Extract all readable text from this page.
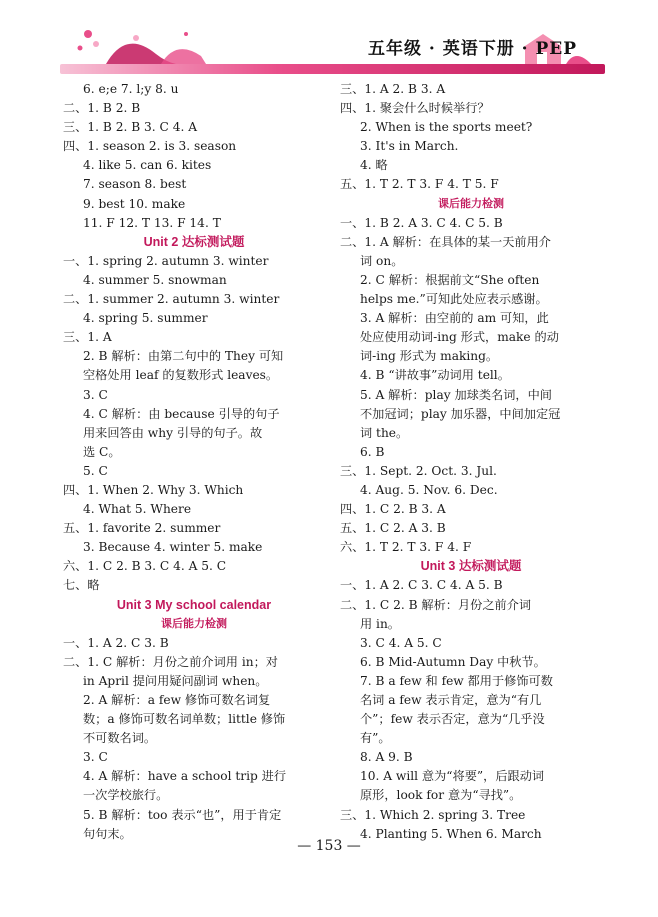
五年级 · 英语下册 · PEP
6. e;e 7. l;y 8. u
二、1. B 2. B
三、1. B 2. B 3. C 4. A
四、1. season 2. is 3. season
4. like 5. can 6. kites
7. season 8. best
9. best 10. make
11. F 12. T 13. F 14. T
Unit 2 达标测试题
一、1. spring 2. autumn 3. winter
4. summer 5. snowman
二、1. summer 2. autumn 3. winter
4. spring 5. summer
三、1. A
2. B 解析：由第二句中的 They 可知
空格处用 leaf 的复数形式 leaves。
3. C
4. C 解析：由 because 引导的句子
用来回答由 why 引导的句子。故
选 C。
5. C
四、1. When 2. Why 3. Which
4. What 5. Where
五、1. favorite 2. summer
3. Because 4. winter 5. make
六、1. C 2. B 3. C 4. A 5. C
七、略
Unit 3 My school calendar
课后能力检测
一、1. A 2. C 3. B
二、1. C 解析：月份之前介词用 in；对
in April 提问用疑问副词 when。
2. A 解析：a few 修饰可数名词复
数；a 修饰可数名词单数；little 修饰
不可数名词。
3. C
4. A 解析：have a school trip 进行
一次学校旅行。
5. B 解析：too 表示“也”，用于肯定
句句末。
三、1. A 2. B 3. A
四、1. 聚会什么时候举行？
2. When is the sports meet?
3. It's in March.
4. 略
五、1. T 2. T 3. F 4. T 5. F
课后能力检测
一、1. B 2. A 3. C 4. C 5. B
二、1. A 解析：在具体的某一天前用介
词 on。
2. C 解析：根据前文“She often
helps me.”可知此处应表示感谢。
3. A 解析：由空前的 am 可知，此
处应使用动词-ing 形式，make 的动
词-ing 形式为 making。
4. B “讲故事”动词用 tell。
5. A 解析：play 加球类名词，中间
不加冠词；play 加乐器，中间加定冠
词 the。
6. B
三、1. Sept. 2. Oct. 3. Jul.
4. Aug. 5. Nov. 6. Dec.
四、1. C 2. B 3. A
五、1. C 2. A 3. B
六、1. T 2. T 3. F 4. F
Unit 3 达标测试题
一、1. A 2. C 3. C 4. A 5. B
二、1. C 2. B 解析：月份之前介词
用 in。
3. C 4. A 5. C
6. B Mid-Autumn Day 中秋节。
7. B a few 和 few 都用于修饰可数
名词 a few 表示肯定，意为“有几
个”；few 表示否定，意为“几乎没
有”。
8. A 9. B
10. A will 意为“将要”，后跟动词
原形，look for 意为“寻找”。
三、1. Which 2. spring 3. Tree
4. Planting 5. When 6. March
— 153 —
